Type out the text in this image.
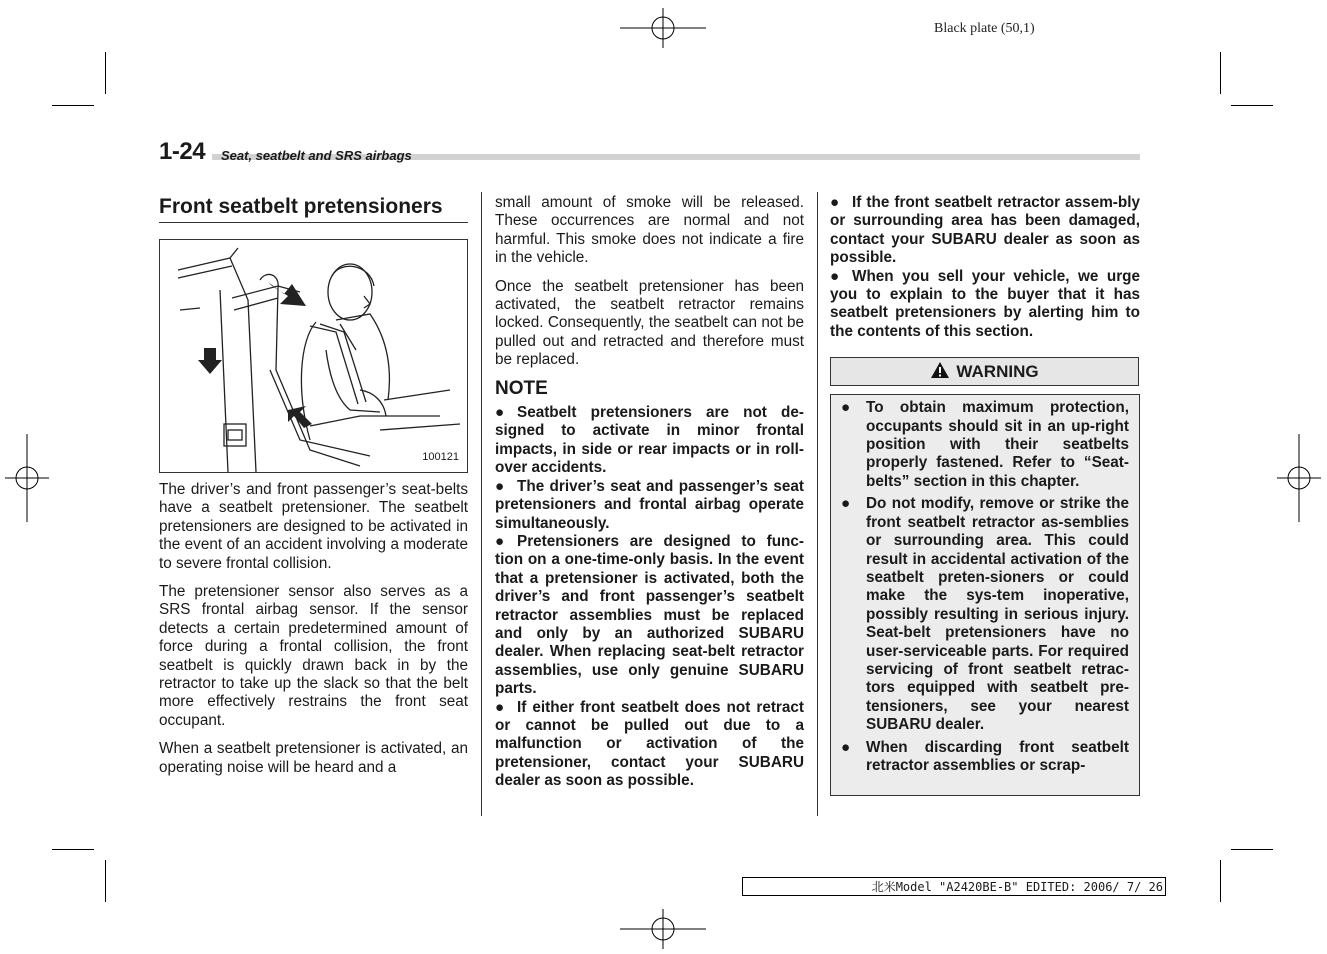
Black plate (50,1)
1-24 Seat, seatbelt and SRS airbags
Front seatbelt pretensioners
100121

The driver’s and front passenger’s seat-belts have a seatbelt pretensioner. The seatbelt pretensioners are designed to be activated in the event of an accident involving a moderate to severe frontal collision.

The pretensioner sensor also serves as a SRS frontal airbag sensor. If the sensor detects a certain predetermined amount of force during a frontal collision, the front seatbelt is quickly drawn back in by the retractor to take up the slack so that the belt more effectively restrains the front seat occupant.

When a seatbelt pretensioner is activated, an operating noise will be heard and a

small amount of smoke will be released. These occurrences are normal and not harmful. This smoke does not indicate a fire in the vehicle.

Once the seatbelt pretensioner has been activated, the seatbelt retractor remains locked. Consequently, the seatbelt can not be pulled out and retracted and therefore must be replaced.

NOTE

● Seatbelt pretensioners are not de-signed to activate in minor frontal impacts, in side or rear impacts or in roll-over accidents.

● The driver’s seat and passenger’s seat pretensioners and frontal airbag operate simultaneously.

● Pretensioners are designed to func-tion on a one-time-only basis. In the event that a pretensioner is activated, both the driver’s and front passenger’s seatbelt retractor assemblies must be replaced and only by an authorized SUBARU dealer. When replacing seat-belt retractor assemblies, use only genuine SUBARU parts.

● If either front seatbelt does not retract or cannot be pulled out due to a malfunction or activation of the pretensioner, contact your SUBARU dealer as soon as possible.

● If the front seatbelt retractor assem-bly or surrounding area has been damaged, contact your SUBARU dealer as soon as possible.

● When you sell your vehicle, we urge you to explain to the buyer that it has seatbelt pretensioners by alerting him to the contents of this section.

WARNING
●	To obtain maximum protection, occupants should sit in an up-right position with their seatbelts properly fastened. Refer to “Seat-belts” section in this chapter.
●	Do not modify, remove or strike the front seatbelt retractor as-semblies or surrounding area. This could result in accidental activation of the seatbelt preten-sioners or could make the sys-tem inoperative, possibly resulting in serious injury. Seat-belt pretensioners have no user-serviceable parts. For required servicing of front seatbelt retrac-tors equipped with seatbelt pre-tensioners, see your nearest SUBARU dealer.
●	When discarding front seatbelt retractor assemblies or scrap-
北米Model "A2420BE-B" EDITED: 2006/ 7/ 26
